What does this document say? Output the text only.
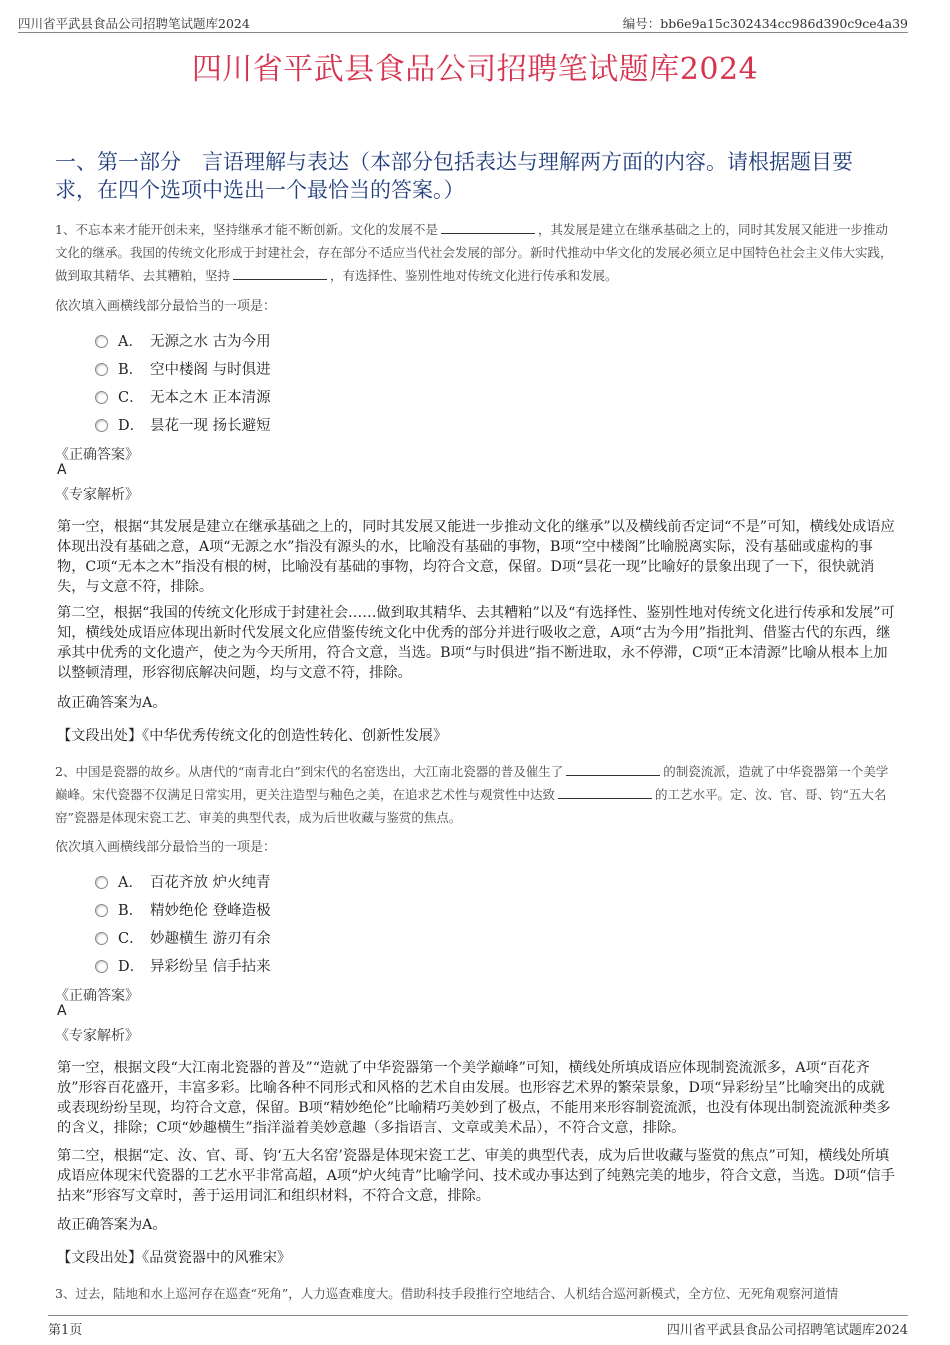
四川省平武县食品公司招聘笔试题库2024	编号：bb6e9a15c302434cc986d390c9ce4a39
四川省平武县食品公司招聘笔试题库2024
一、第一部分　言语理解与表达（本部分包括表达与理解两方面的内容。请根据题目要求，在四个选项中选出一个最恰当的答案。）
1、不忘本来才能开创未来，坚持继承才能不断创新。文化的发展不是	，其发展是建立在继承基础之上的，同时其发展又能进一步推动文化的继承。我国的传统文化形成于封建社会，存在部分不适应当代社会发展的部分。新时代推动中华文化的发展必须立足中国特色社会主义伟大实践，做到取其精华、去其糟粕，坚持	，有选择性、鉴别性地对传统文化进行传承和发展。
依次填入画横线部分最恰当的一项是：
A． 无源之水 古为今用
B． 空中楼阁 与时俱进
C． 无本之木 正本清源
D． 昙花一现 扬长避短
《正确答案》
A
《专家解析》
第一空，根据“其发展是建立在继承基础之上的，同时其发展又能进一步推动文化的继承”以及横线前否定词“不是”可知，横线处成语应体现出没有基础之意，A项“无源之水”指没有源头的水，比喻没有基础的事物，B项“空中楼阁”比喻脱离实际，没有基础或虚构的事物，C项“无本之木”指没有根的树，比喻没有基础的事物，均符合文意，保留。D项“昙花一现”比喻好的景象出现了一下，很快就消失，与文意不符，排除。
第二空，根据“我国的传统文化形成于封建社会……做到取其精华、去其糟粕”以及“有选择性、鉴别性地对传统文化进行传承和发展”可知，横线处成语应体现出新时代发展文化应借鉴传统文化中优秀的部分并进行吸收之意，A项“古为今用”指批判、借鉴古代的东西，继承其中优秀的文化遗产，使之为今天所用，符合文意，当选。B项“与时俱进”指不断进取，永不停滞，C项“正本清源”比喻从根本上加以整顿清理，形容彻底解决问题，均与文意不符，排除。
故正确答案为A。
【文段出处】《中华优秀传统文化的创造性转化、创新性发展》
2、中国是瓷器的故乡。从唐代的“南青北白”到宋代的名窑迭出，大江南北瓷器的普及催生了	的制瓷流派，造就了中华瓷器第一个美学巅峰。宋代瓷器不仅满足日常实用，更关注造型与釉色之美，在追求艺术性与观赏性中达致	的工艺水平。定、汝、官、哥、钧“五大名窑”瓷器是体现宋瓷工艺、审美的典型代表，成为后世收藏与鉴赏的焦点。
依次填入画横线部分最恰当的一项是：
A． 百花齐放 炉火纯青
B． 精妙绝伦 登峰造极
C． 妙趣横生 游刃有余
D． 异彩纷呈 信手拈来
《正确答案》
A
《专家解析》
第一空，根据文段“大江南北瓷器的普及”“造就了中华瓷器第一个美学巅峰”可知，横线处所填成语应体现制瓷流派多，A项“百花齐放”形容百花盛开，丰富多彩。比喻各种不同形式和风格的艺术自由发展。也形容艺术界的繁荣景象，D项“异彩纷呈”比喻突出的成就或表现纷纷呈现，均符合文意，保留。B项“精妙绝伦”比喻精巧美妙到了极点，不能用来形容制瓷流派，也没有体现出制瓷流派种类多的含义，排除；C项“妙趣横生”指洋溢着美妙意趣（多指语言、文章或美术品），不符合文意，排除。
第二空，根据“定、汝、官、哥、钧‘五大名窑’瓷器是体现宋瓷工艺、审美的典型代表，成为后世收藏与鉴赏的焦点”可知，横线处所填成语应体现宋代瓷器的工艺水平非常高超，A项“炉火纯青”比喻学问、技术或办事达到了纯熟完美的地步，符合文意，当选。D项“信手拈来”形容写文章时，善于运用词汇和组织材料，不符合文意，排除。
故正确答案为A。
【文段出处】《品赏瓷器中的风雅宋》
3、过去，陆地和水上巡河存在巡查“死角”，人力巡查难度大。借助科技手段推行空地结合、人机结合巡河新模式，全方位、无死角观察河道情
第1页	四川省平武县食品公司招聘笔试题库2024
